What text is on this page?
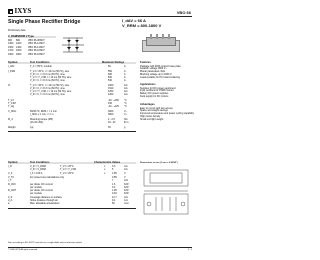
IXYS	VBO 66
Single Phase Rectifier Bridge	I_dAV = 66 A
V_RRM = 800-1800 V
Preliminary data
V_RSM V
V_RRM V Type
900 800	VBO 66-08NO7
1300 1200	VBO 66-12NO7
1500 1400	VBO 66-14NO7
1700 1600	VBO 66-16NO7
1900 1800	VBO 66-18NO7
Symbol	Test Conditions	Maximum Ratings
I_dAV	T_C = 85°C, module	66	A
I_FSM	T_VJ = 45°C, t = 10 ms (50 Hz), sine	550	A
V_R = 0, t = 8.3 ms (60 Hz), sine	600	A
T_VJ = T_VJM, t = 10 ms (50 Hz), sine	500	A
V_R = 0, t = 8.3 ms (60 Hz), sine	540	A
I²t	T_VJ = 45°C, t = 10 ms (50 Hz), sine	1500	A²s
V_R = 0, t = 8.3 ms (60 Hz), sine	1510	A²s
T_VJ = T_VJM, t = 10 ms (50 Hz), sine	1250	A²s
V_R = 0, t = 8.3 ms (60 Hz), sine	1200	A²s
T_VJ	-40...+150 °C
T_VJM	150	°C
T_stg	-40...+125 °C
V_ISOL	50/60 Hz, RMS, t = 1 min	3000	V~
I_ISOL ≤ 1 mA, t = 1 s	3600	V~
M_d	Mounting torque (M5)	2 - 2.5	Nm
(10-32 UNF)	18 - 22	lb.in.
Weight	typ.	35	g
Features
Package with DCB ceramic base plate
Isolation voltage 3600 V~
Planar passivated chips
Blocking voltage up to 1800 V
Leads suitable for PC board soldering
Applications
Supplies for DC power equipment
Input rectifiers for PWM inverter
Battery DC power supplies
Field supply for DC motors
Advantages
Easy to mount with two screws
Space and weight savings
Improved temperature and power cycling capability
High power density
Small and light weight
Symbol	Test Conditions	Characteristic Values
I_R	V_R = V_RRM	T_VJ = 25°C	≤	0.3	mA
V_R = V_RRM	T_VJ = T_VJM	≤	5	mA
V_F	I_F = 150 A	T_VJ = 25°C	≤	1.85	V
V_T0	For power-loss calculations only	0.85	V
r_T	7	mΩ
R_thJC	per diode, DC current	1.6	K/W
per module	0.4	K/W
R_thJH	per diode, DC current	1.95	K/W
per module	0.49	K/W
d_S	Creepage distance on surface	12.7	mm
d_A	Strike distance through air	9.4	mm
a	Max. allowable acceleration	50	m/s²
Dimensions in mm (1 mm = 0.0394")
Data according to IEC 60747 and refer to a single diode unless otherwise stated.
© 2000 IXYS All rights reserved	1 - 2
